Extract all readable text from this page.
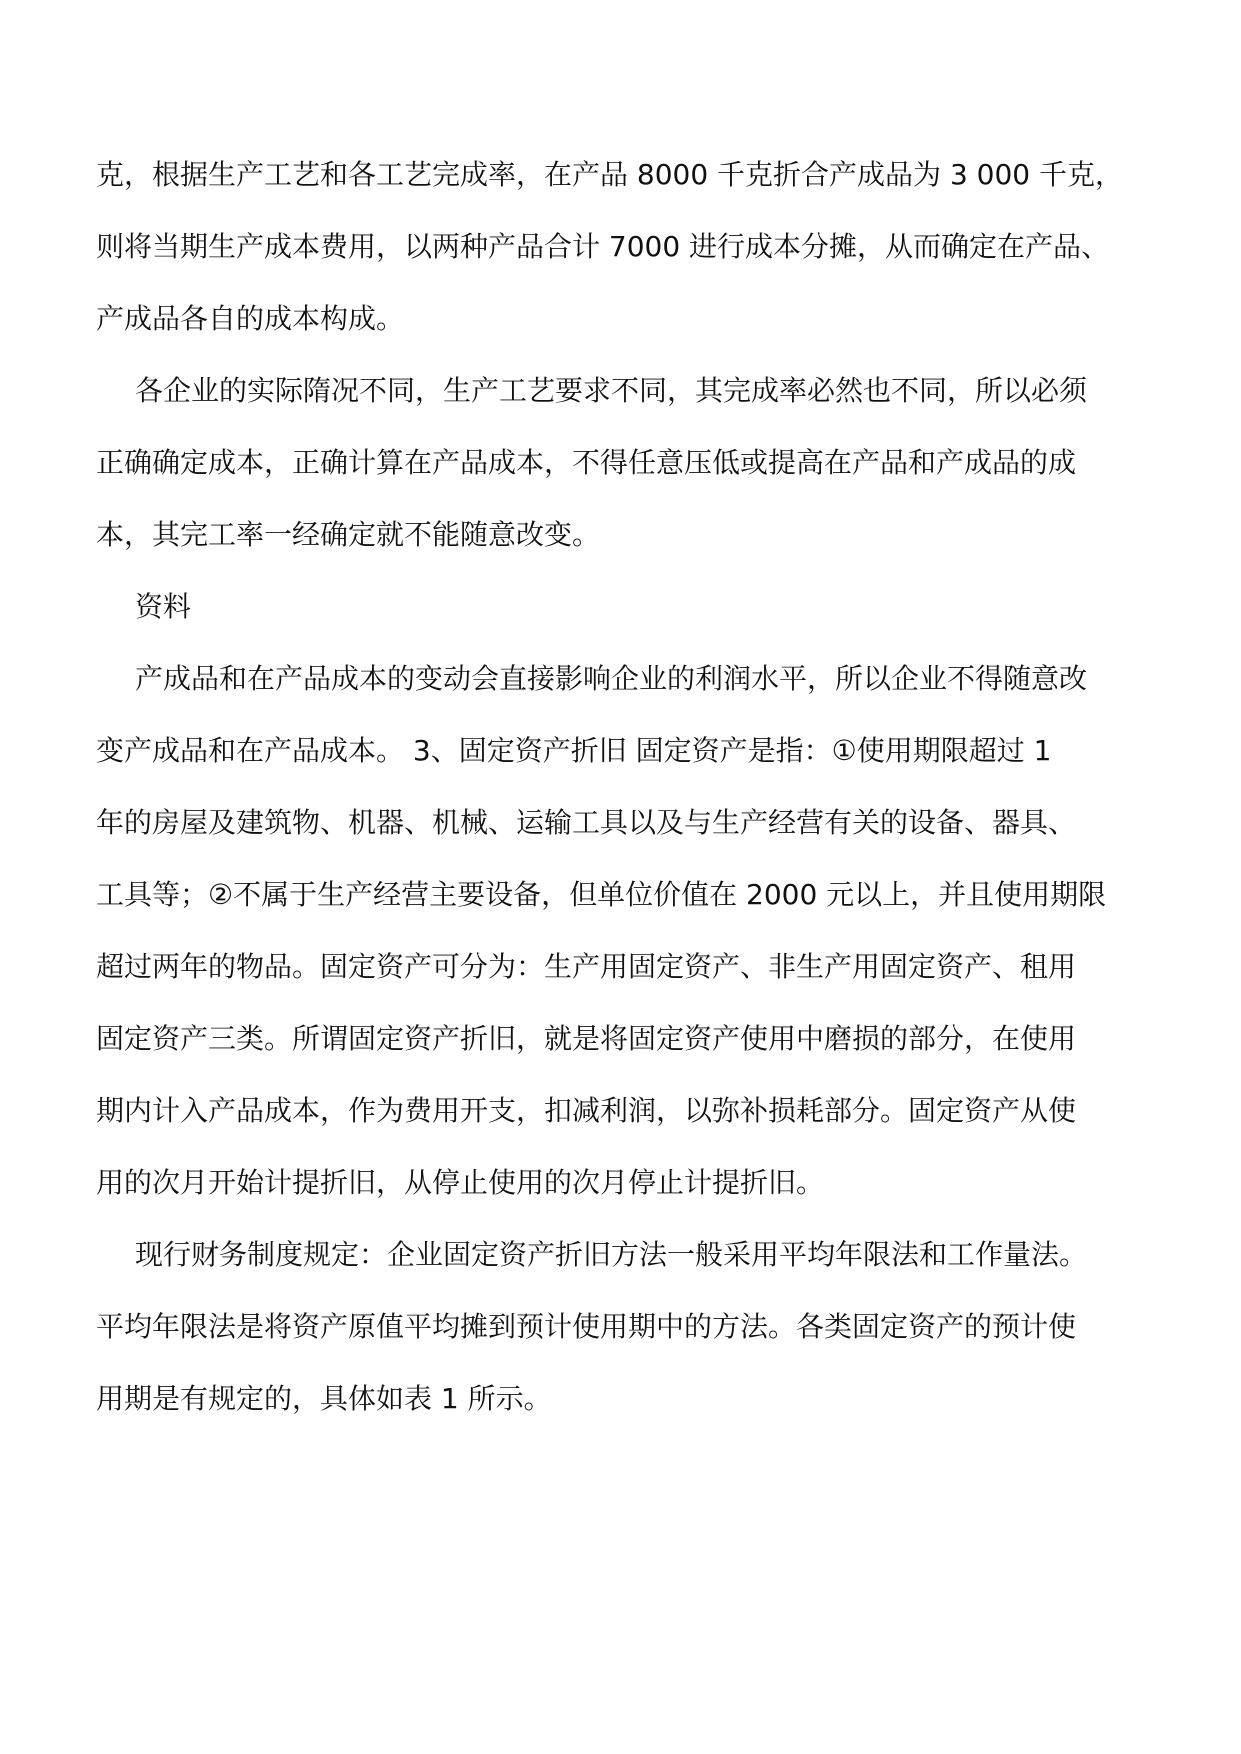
克，根据生产工艺和各工艺完成率，在产品 8000 千克折合产成品为 3 000 千克，
则将当期生产成本费用，以两种产品合计 7000 进行成本分摊，从而确定在产品、
产成品各自的成本构成。
各企业的实际隋况不同，生产工艺要求不同，其完成率必然也不同，所以必须
正确确定成本，正确计算在产品成本，不得任意压低或提高在产品和产成品的成
本，其完工率一经确定就不能随意改变。
资料
产成品和在产品成本的变动会直接影响企业的利润水平，所以企业不得随意改
变产成品和在产品成本。 3、固定资产折旧 固定资产是指：①使用期限超过 1
年的房屋及建筑物、机器、机械、运输工具以及与生产经营有关的设备、器具、
工具等；②不属于生产经营主要设备，但单位价值在 2000 元以上，并且使用期限
超过两年的物品。固定资产可分为：生产用固定资产、非生产用固定资产、租用
固定资产三类。所谓固定资产折旧，就是将固定资产使用中磨损的部分，在使用
期内计入产品成本，作为费用开支，扣减利润，以弥补损耗部分。固定资产从使
用的次月开始计提折旧，从停止使用的次月停止计提折旧。
现行财务制度规定：企业固定资产折旧方法一般采用平均年限法和工作量法。
平均年限法是将资产原值平均摊到预计使用期中的方法。各类固定资产的预计使
用期是有规定的，具体如表 1 所示。
